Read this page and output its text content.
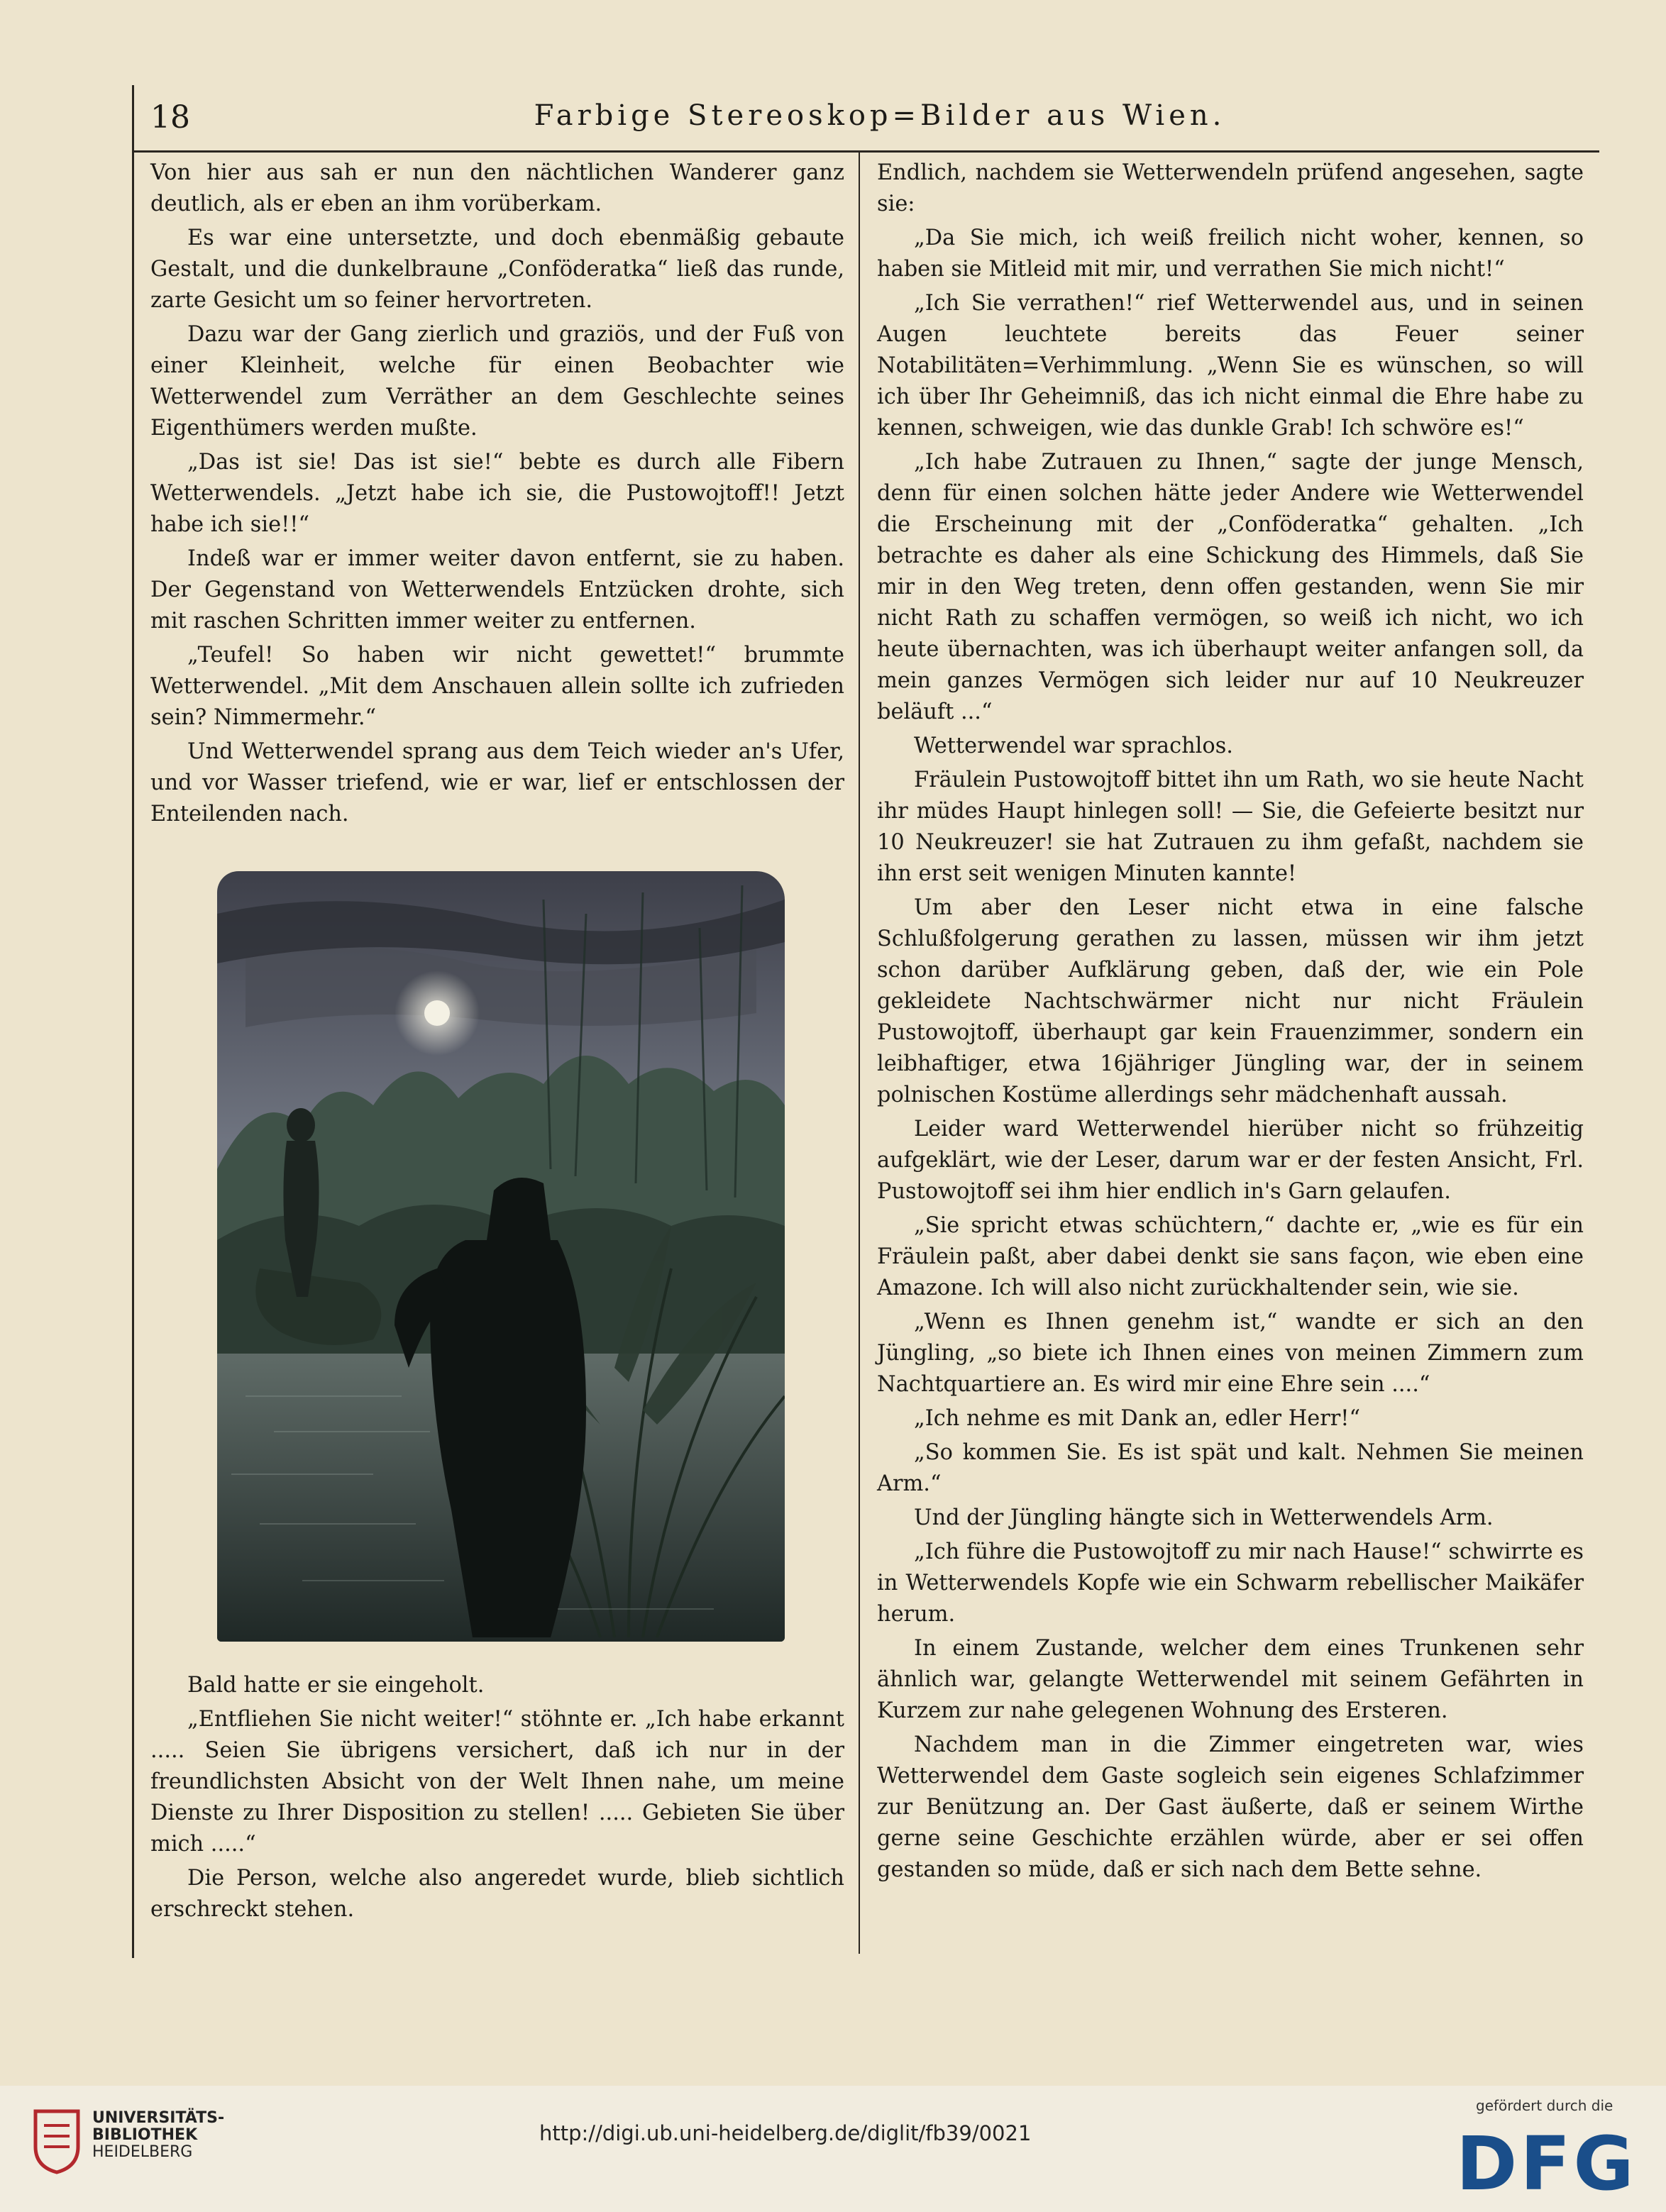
18	Farbige Stereoskop=Bilder aus Wien.

Von hier aus sah er nun den nächtlichen Wanderer ganz deutlich, als er eben an ihm vorüberkam.

Es war eine untersetzte, und doch ebenmäßig gebaute Gestalt, und die dunkelbraune „Conföderatka“ ließ das runde, zarte Gesicht um so feiner hervortreten.

Dazu war der Gang zierlich und graziös, und der Fuß von einer Kleinheit, welche für einen Beobachter wie Wetterwendel zum Verräther an dem Geschlechte seines Eigenthümers werden mußte.

„Das ist sie! Das ist sie!“ bebte es durch alle Fibern Wetterwendels. „Jetzt habe ich sie, die Pustowojtoff!! Jetzt habe ich sie!!“

Indeß war er immer weiter davon entfernt, sie zu haben. Der Gegenstand von Wetterwendels Entzücken drohte, sich mit raschen Schritten immer weiter zu entfernen.

„Teufel! So haben wir nicht gewettet!“ brummte Wetterwendel. „Mit dem Anschauen allein sollte ich zufrieden sein? Nimmermehr.“

Und Wetterwendel sprang aus dem Teich wieder an's Ufer, und vor Wasser triefend, wie er war, lief er entschlossen der Enteilenden nach.

Bald hatte er sie eingeholt.

„Entfliehen Sie nicht weiter!“ stöhnte er. „Ich habe erkannt ..... Seien Sie übrigens versichert, daß ich nur in der freundlichsten Absicht von der Welt Ihnen nahe, um meine Dienste zu Ihrer Disposition zu stellen! ..... Gebieten Sie über mich .....“

Die Person, welche also angeredet wurde, blieb sichtlich erschreckt stehen.

Endlich, nachdem sie Wetterwendeln prüfend angesehen, sagte sie:

„Da Sie mich, ich weiß freilich nicht woher, kennen, so haben sie Mitleid mit mir, und verrathen Sie mich nicht!“

„Ich Sie verrathen!“ rief Wetterwendel aus, und in seinen Augen leuchtete bereits das Feuer seiner Notabilitäten=Verhimmlung. „Wenn Sie es wünschen, so will ich über Ihr Geheimniß, das ich nicht einmal die Ehre habe zu kennen, schweigen, wie das dunkle Grab! Ich schwöre es!“

„Ich habe Zutrauen zu Ihnen,“ sagte der junge Mensch, denn für einen solchen hätte jeder Andere wie Wetterwendel die Erscheinung mit der „Conföderatka“ gehalten. „Ich betrachte es daher als eine Schickung des Himmels, daß Sie mir in den Weg treten, denn offen gestanden, wenn Sie mir nicht Rath zu schaffen vermögen, so weiß ich nicht, wo ich heute übernachten, was ich überhaupt weiter anfangen soll, da mein ganzes Vermögen sich leider nur auf 10 Neukreuzer beläuft ...“

Wetterwendel war sprachlos.

Fräulein Pustowojtoff bittet ihn um Rath, wo sie heute Nacht ihr müdes Haupt hinlegen soll! — Sie, die Gefeierte besitzt nur 10 Neukreuzer! sie hat Zutrauen zu ihm gefaßt, nachdem sie ihn erst seit wenigen Minuten kannte!

Um aber den Leser nicht etwa in eine falsche Schlußfolgerung gerathen zu lassen, müssen wir ihm jetzt schon darüber Aufklärung geben, daß der, wie ein Pole gekleidete Nachtschwärmer nicht nur nicht Fräulein Pustowojtoff, überhaupt gar kein Frauenzimmer, sondern ein leibhaftiger, etwa 16jähriger Jüngling war, der in seinem polnischen Kostüme allerdings sehr mädchenhaft aussah.

Leider ward Wetterwendel hierüber nicht so frühzeitig aufgeklärt, wie der Leser, darum war er der festen Ansicht, Frl. Pustowojtoff sei ihm hier endlich in's Garn gelaufen.

„Sie spricht etwas schüchtern,“ dachte er, „wie es für ein Fräulein paßt, aber dabei denkt sie sans façon, wie eben eine Amazone. Ich will also nicht zurückhaltender sein, wie sie.

„Wenn es Ihnen genehm ist,“ wandte er sich an den Jüngling, „so biete ich Ihnen eines von meinen Zimmern zum Nachtquartiere an. Es wird mir eine Ehre sein ....“

„Ich nehme es mit Dank an, edler Herr!“

„So kommen Sie. Es ist spät und kalt. Nehmen Sie meinen Arm.“

Und der Jüngling hängte sich in Wetterwendels Arm.

„Ich führe die Pustowojtoff zu mir nach Hause!“ schwirrte es in Wetterwendels Kopfe wie ein Schwarm rebellischer Maikäfer herum.

In einem Zustande, welcher dem eines Trunkenen sehr ähnlich war, gelangte Wetterwendel mit seinem Gefährten in Kurzem zur nahe gelegenen Wohnung des Ersteren.

Nachdem man in die Zimmer eingetreten war, wies Wetterwendel dem Gaste sogleich sein eigenes Schlafzimmer zur Benützung an. Der Gast äußerte, daß er seinem Wirthe gerne seine Geschichte erzählen würde, aber er sei offen gestanden so müde, daß er sich nach dem Bette sehne.

UNIVERSITÄTS-
BIBLIOTHEK
HEIDELBERG
http://digi.ub.uni-heidelberg.de/diglit/fb39/0021
gefördert durch die
DFG
